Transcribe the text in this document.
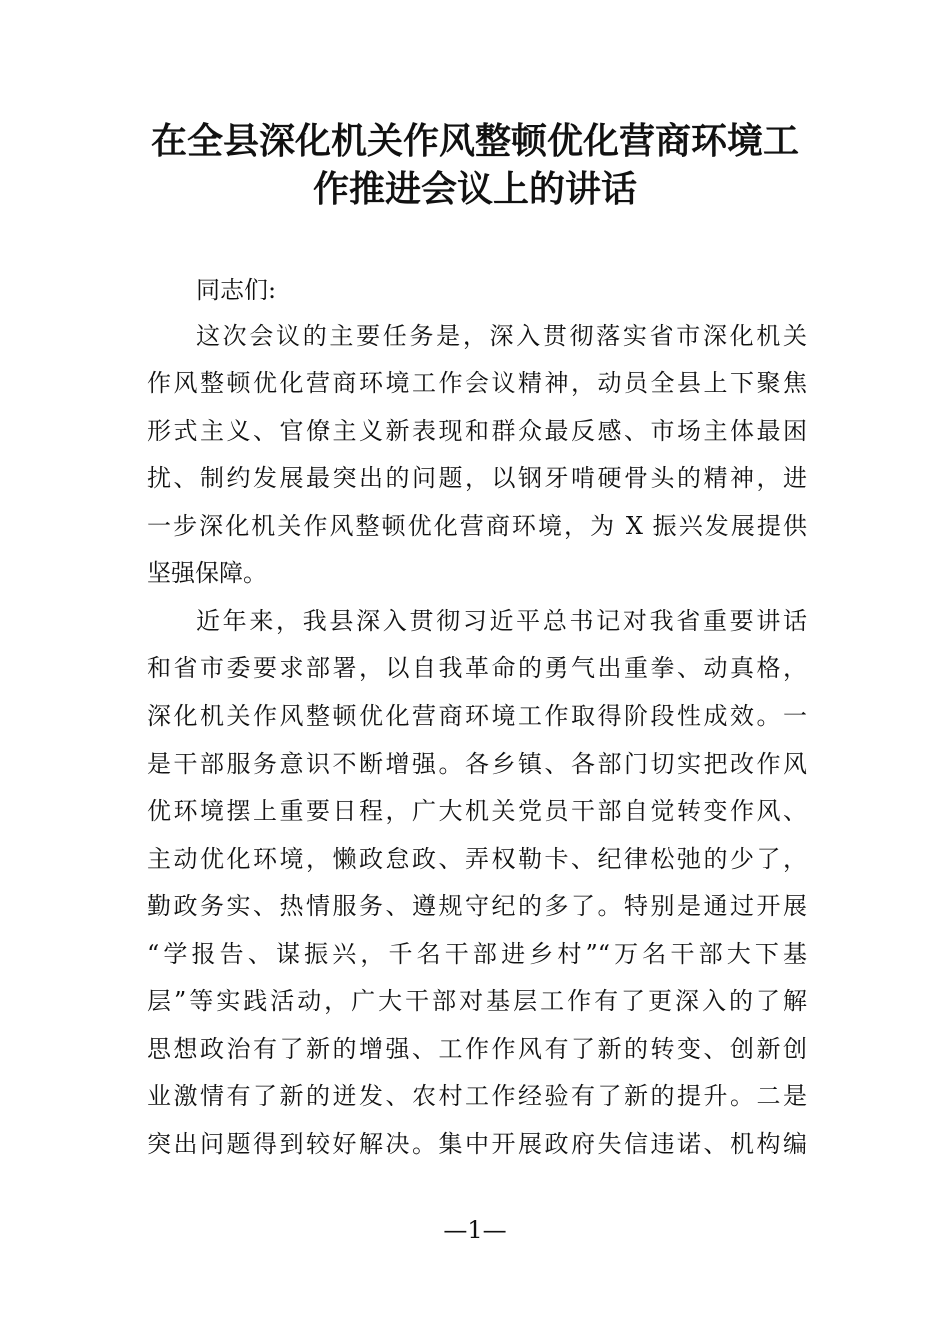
在全县深化机关作风整顿优化营商环境工
作推进会议上的讲话
同志们:
这次会议的主要任务是，深入贯彻落实省市深化机关
作风整顿优化营商环境工作会议精神，动员全县上下聚焦
形式主义、官僚主义新表现和群众最反感、市场主体最困
扰、制约发展最突出的问题，以钢牙啃硬骨头的精神，进
一步深化机关作风整顿优化营商环境，为 X 振兴发展提供
坚强保障。
近年来，我县深入贯彻习近平总书记对我省重要讲话
和省市委要求部署，以自我革命的勇气出重拳、动真格，
深化机关作风整顿优化营商环境工作取得阶段性成效。一
是干部服务意识不断增强。各乡镇、各部门切实把改作风
优环境摆上重要日程，广大机关党员干部自觉转变作风、
主动优化环境，懒政怠政、弄权勒卡、纪律松弛的少了，
勤政务实、热情服务、遵规守纪的多了。特别是通过开展
“学报告、谋振兴，千名干部进乡村”“万名干部大下基
层”等实践活动，广大干部对基层工作有了更深入的了解
思想政治有了新的增强、工作作风有了新的转变、创新创
业激情有了新的迸发、农村工作经验有了新的提升。二是
突出问题得到较好解决。集中开展政府失信违诺、机构编
—1—
